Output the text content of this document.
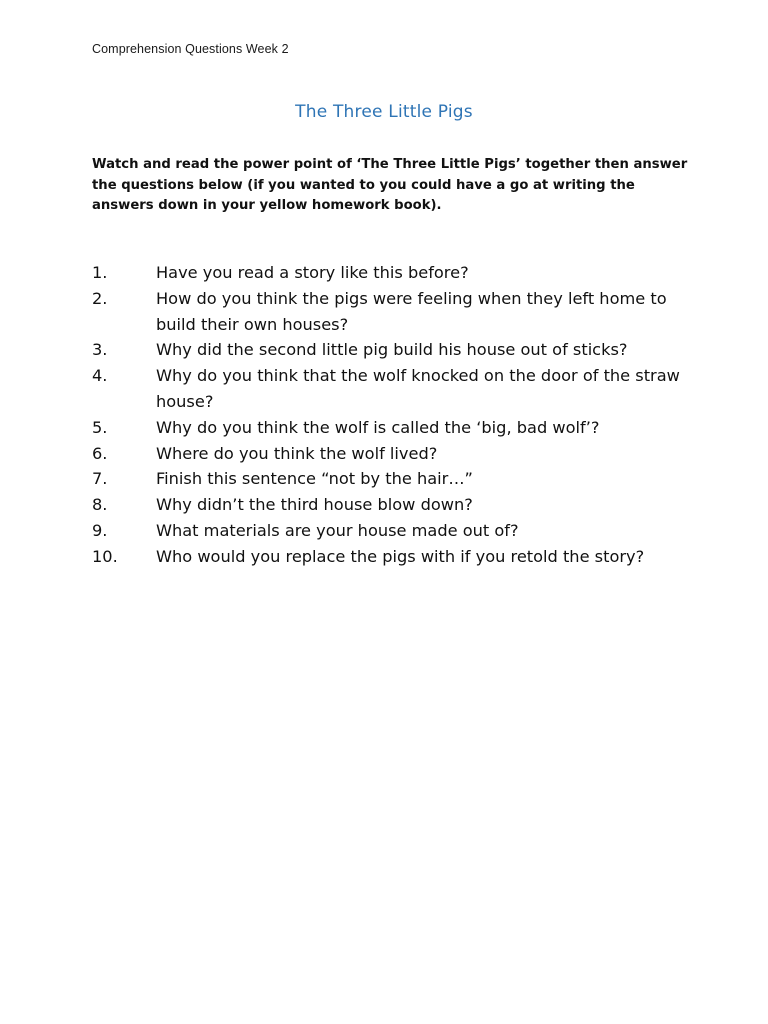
Comprehension Questions Week 2
The Three Little Pigs
Watch and read the power point of ‘The Three Little Pigs’ together then answer the questions below (if you wanted to you could have a go at writing the answers down in your yellow homework book).
1.	Have you read a story like this before?
2.	How do you think the pigs were feeling when they left home to build their own houses?
3.	Why did the second little pig build his house out of sticks?
4.	Why do you think that the wolf knocked on the door of the straw house?
5.	Why do you think the wolf is called the ‘big, bad wolf’?
6.	Where do you think the wolf lived?
7.	Finish this sentence “not by the hair…”
8.	Why didn’t the third house blow down?
9.	What materials are your house made out of?
10.	Who would you replace the pigs with if you retold the story?
